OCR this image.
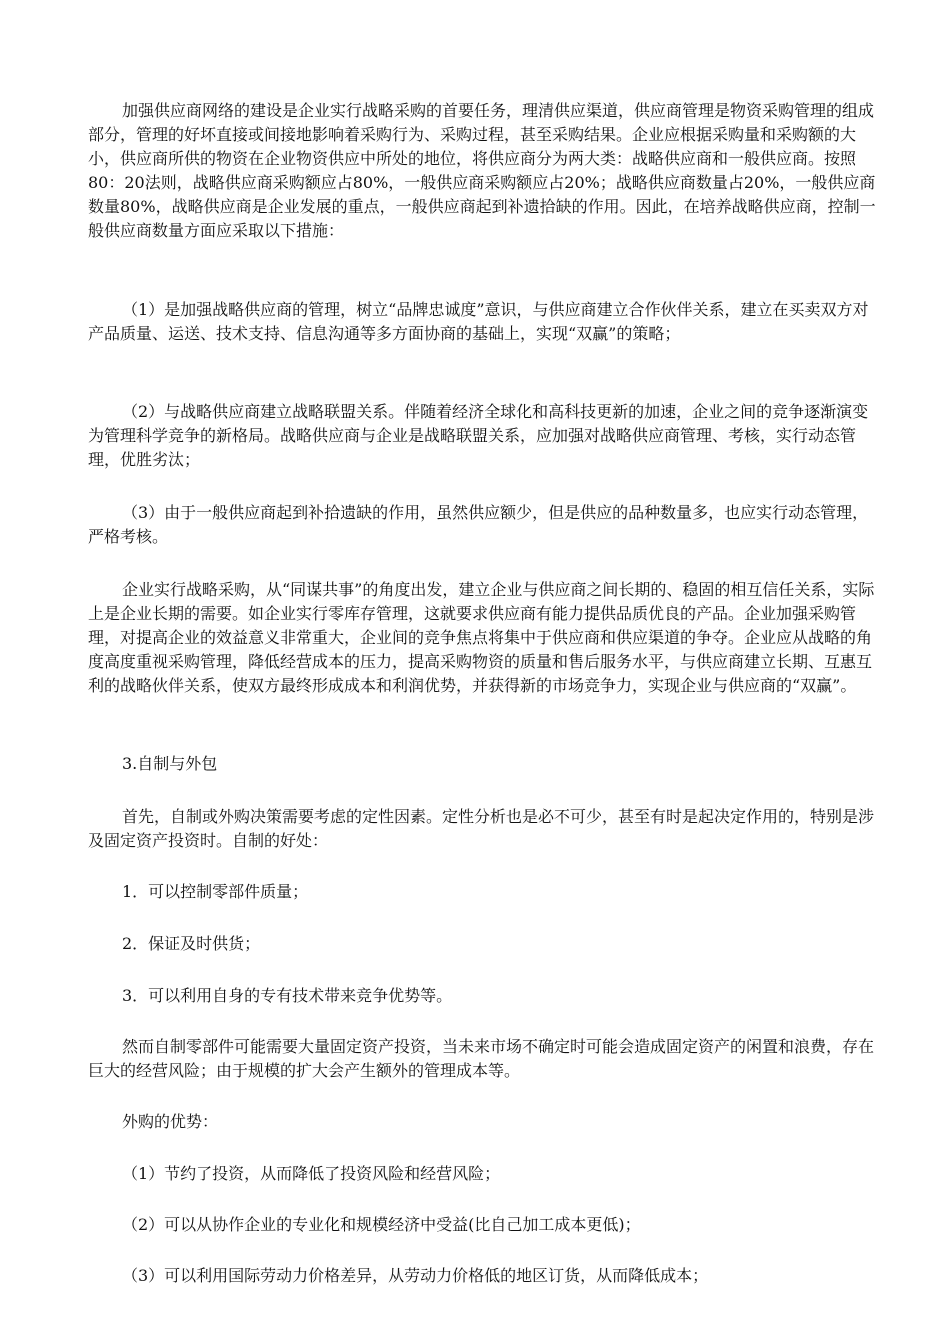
加强供应商网络的建设是企业实行战略采购的首要任务，理清供应渠道，供应商管理是物资采购管理的组成部分，管理的好坏直接或间接地影响着采购行为、采购过程，甚至采购结果。企业应根据采购量和采购额的大小，供应商所供的物资在企业物资供应中所处的地位，将供应商分为两大类：战略供应商和一般供应商。按照80：20法则，战略供应商采购额应占80%，一般供应商采购额应占20%；战略供应商数量占20%，一般供应商数量80%，战略供应商是企业发展的重点，一般供应商起到补遗拾缺的作用。因此，在培养战略供应商，控制一般供应商数量方面应采取以下措施：

（1）是加强战略供应商的管理，树立“品牌忠诚度”意识，与供应商建立合作伙伴关系，建立在买卖双方对产品质量、运送、技术支持、信息沟通等多方面协商的基础上，实现“双赢”的策略；

（2）与战略供应商建立战略联盟关系。伴随着经济全球化和高科技更新的加速，企业之间的竞争逐渐演变为管理科学竞争的新格局。战略供应商与企业是战略联盟关系，应加强对战略供应商管理、考核，实行动态管理，优胜劣汰；

（3）由于一般供应商起到补拾遗缺的作用，虽然供应额少，但是供应的品种数量多，也应实行动态管理，严格考核。

企业实行战略采购，从“同谋共事”的角度出发，建立企业与供应商之间长期的、稳固的相互信任关系，实际上是企业长期的需要。如企业实行零库存管理，这就要求供应商有能力提供品质优良的产品。企业加强采购管理，对提高企业的效益意义非常重大，企业间的竞争焦点将集中于供应商和供应渠道的争夺。企业应从战略的角度高度重视采购管理，降低经营成本的压力，提高采购物资的质量和售后服务水平，与供应商建立长期、互惠互利的战略伙伴关系，使双方最终形成成本和利润优势，并获得新的市场竞争力，实现企业与供应商的“双赢”。

3.自制与外包

首先，自制或外购决策需要考虑的定性因素。定性分析也是必不可少，甚至有时是起决定作用的，特别是涉及固定资产投资时。自制的好处：

1．可以控制零部件质量；

2．保证及时供货；

3．可以利用自身的专有技术带来竞争优势等。

然而自制零部件可能需要大量固定资产投资，当未来市场不确定时可能会造成固定资产的闲置和浪费，存在巨大的经营风险；由于规模的扩大会产生额外的管理成本等。

外购的优势：

（1）节约了投资，从而降低了投资风险和经营风险；

（2）可以从协作企业的专业化和规模经济中受益(比自己加工成本更低)；

（3）可以利用国际劳动力价格差异，从劳动力价格低的地区订货，从而降低成本；
